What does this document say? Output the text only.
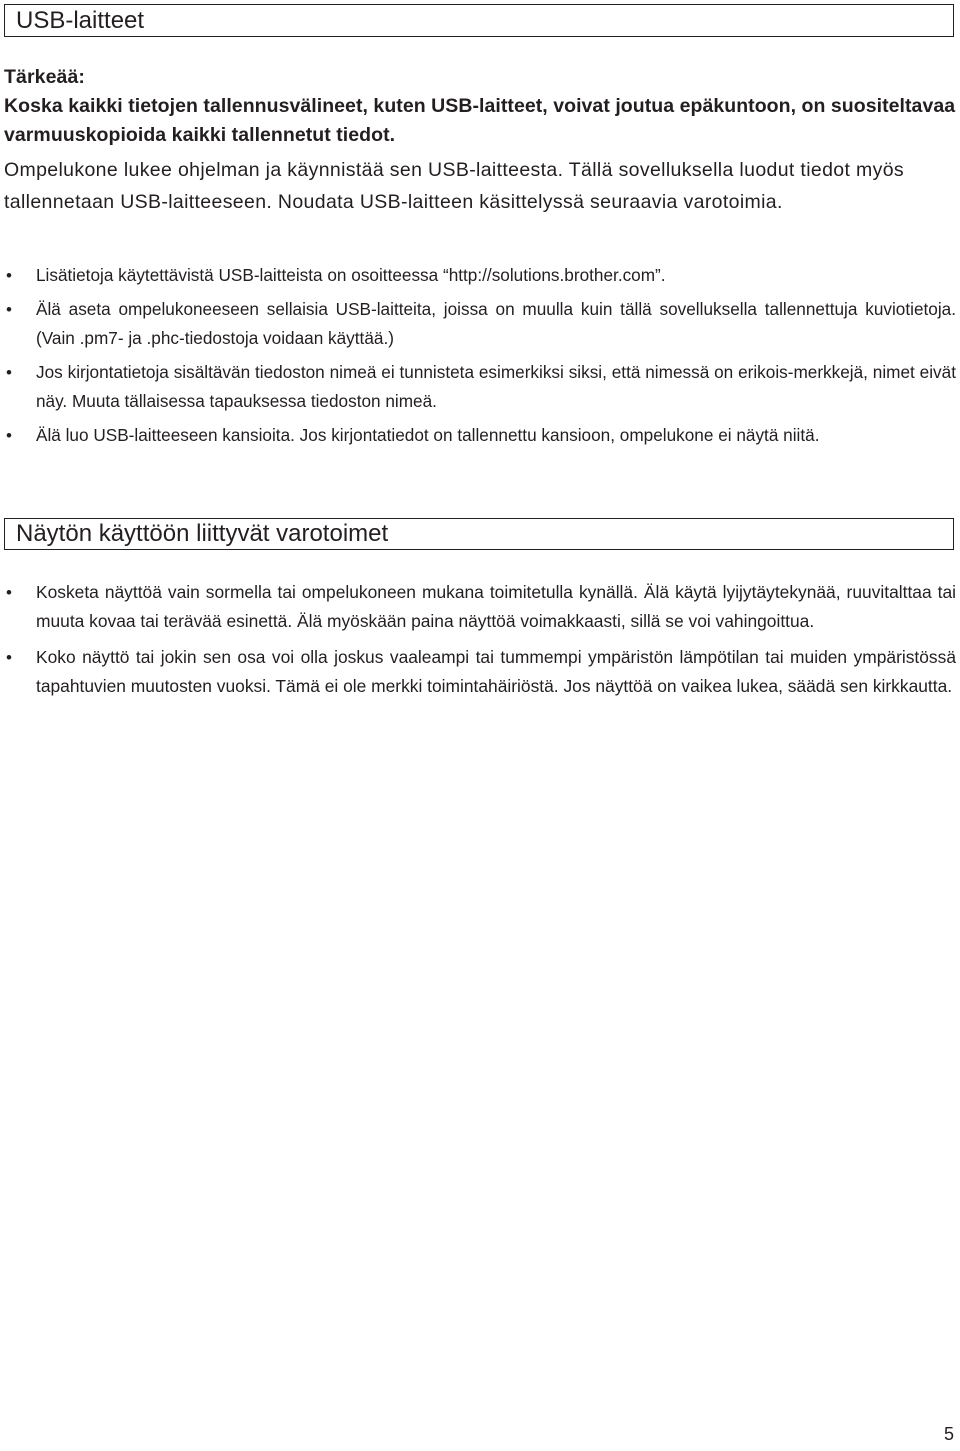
USB-laitteet

Tärkeää:

Koska kaikki tietojen tallennusvälineet, kuten USB-laitteet, voivat joutua epäkuntoon, on suositeltavaa varmuuskopioida kaikki tallennetut tiedot.

Ompelukone lukee ohjelman ja käynnistää sen USB-laitteesta. Tällä sovelluksella luodut tiedot myös tallennetaan USB-laitteeseen. Noudata USB-laitteen käsittelyssä seuraavia varotoimia.

• Lisätietoja käytettävistä USB-laitteista on osoitteessa “http://solutions.brother.com”.
• Älä aseta ompelukoneeseen sellaisia USB-laitteita, joissa on muulla kuin tällä sovelluksella tallennettuja kuviotietoja. (Vain .pm7- ja .phc-tiedostoja voidaan käyttää.)
• Jos kirjontatietoja sisältävän tiedoston nimeä ei tunnisteta esimerkiksi siksi, että nimessä on erikois-merkkejä, nimet eivät näy. Muuta tällaisessa tapauksessa tiedoston nimeä.
• Älä luo USB-laitteeseen kansioita. Jos kirjontatiedot on tallennettu kansioon, ompelukone ei näytä niitä.
Näytön käyttöön liittyvät varotoimet
• Kosketa näyttöä vain sormella tai ompelukoneen mukana toimitetulla kynällä. Älä käytä lyijytäytekynää, ruuvitalttaa tai muuta kovaa tai terävää esinettä. Älä myöskään paina näyttöä voimakkaasti, sillä se voi vahingoittua.
• Koko näyttö tai jokin sen osa voi olla joskus vaaleampi tai tummempi ympäristön lämpötilan tai muiden ympäristössä tapahtuvien muutosten vuoksi. Tämä ei ole merkki toimintahäiriöstä. Jos näyttöä on vaikea lukea, säädä sen kirkkautta.
5
